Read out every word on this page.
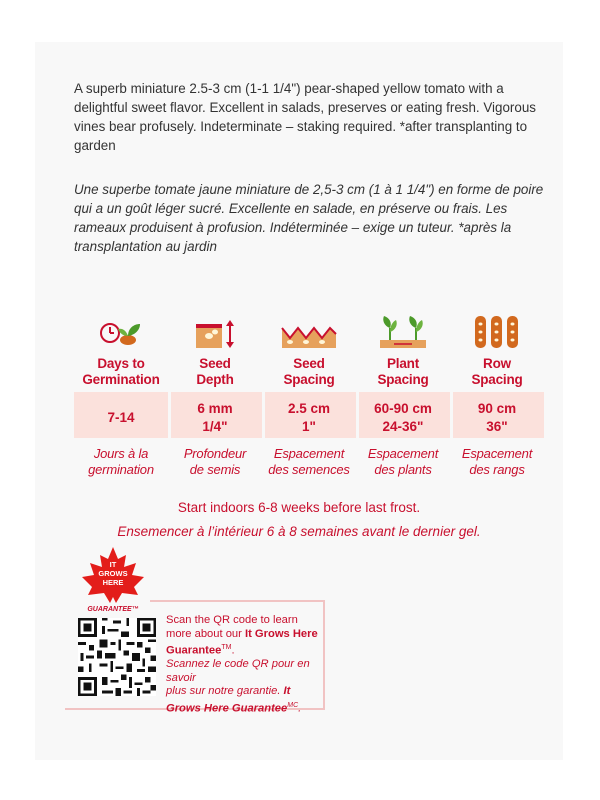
A superb miniature 2.5-3 cm (1-1 1/4") pear-shaped yellow tomato with a delightful sweet flavor. Excellent in salads, preserves or eating fresh. Vigorous vines bear profusely. Indeterminate – staking required. *after transplanting to garden

Une superbe tomate jaune miniature de 2,5-3 cm (1 à 1 1/4") en forme de poire qui a un goût léger sucré. Excellente en salade, en préserve ou frais. Les rameaux produisent à profusion. Indéterminée – exige un tuteur. *après la transplantation au jardin

Days to
Germination
7-14
Jours à la
germination
Seed
Depth
6 mm
1/4"
Profondeur
de semis
Seed
Spacing
2.5 cm
1"
Espacement
des semences
Plant
Spacing
60-90 cm
24-36"
Espacement
des plants
Row
Spacing
90 cm
36"
Espacement
des rangs
Start indoors 6-8 weeks before last frost.
Ensemencer à l’intérieur 6 à 8 semaines avant le dernier gel.
IT
GROWS
HERE
GUARANTEE™
Scan the QR code to learn
more about our It Grows Here Guarantee™.
Scannez le code QR pour en savoir
plus sur notre garantie. It Grows Here Guarantee$^{MC}$.
